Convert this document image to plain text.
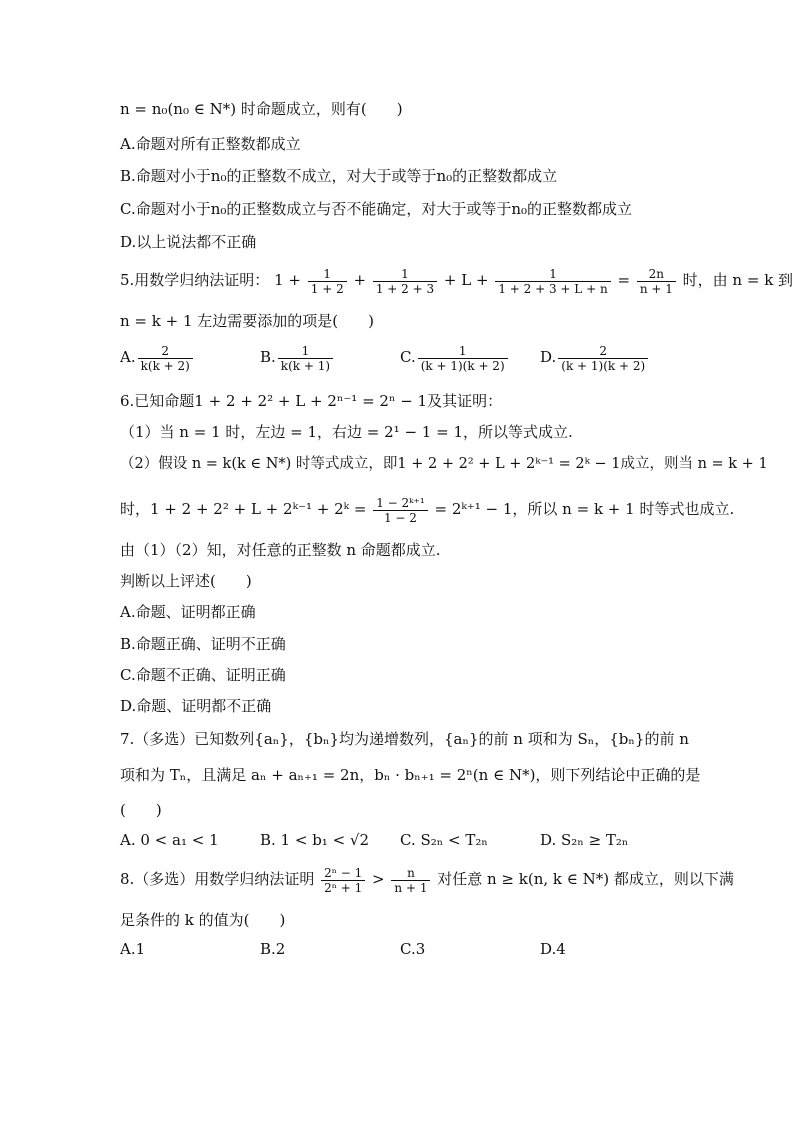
n = n₀(n₀ ∈ N*) 时命题成立，则有(　　)
A.命题对所有正整数都成立
B.命题对小于n₀的正整数不成立，对大于或等于n₀的正整数都成立
C.命题对小于n₀的正整数成立与否不能确定，对大于或等于n₀的正整数都成立
D.以上说法都不正确
5.用数学归纳法证明： $1 + \frac{1}{1 + 2} + \frac{1}{1 + 2 + 3} + L + \frac{1}{1 + 2 + 3 + L + n} = \frac{2n}{n + 1}$ 时，由 n = k 到
n = k + 1 左边需要添加的项是(　　)
A. $\frac{2}{k(k + 2)}$	B. $\frac{1}{k(k + 1)}$	C. $\frac{1}{(k + 1)(k + 2)} D$. $\frac{2}{(k + 1)(k + 2)}$
6.已知命题1 + 2 + 2² + L + 2ⁿ⁻¹ = 2ⁿ − 1及其证明：
（1）当 n = 1 时，左边 = 1，右边 = 2¹ − 1 = 1，所以等式成立.
（2）假设 n = k(k ∈ N*) 时等式成立，即1 + 2 + 2² + L + 2ᵏ⁻¹ = 2ᵏ − 1成立，则当 n = k + 1
时，1 + 2 + 2² + L + 2ᵏ⁻¹ + 2ᵏ = $\frac{\text{1 − 2ᵏ⁺¹}}{1 - 2}$ = 2ᵏ⁺¹ − 1，所以 n = k + 1 时等式也成立.
由（1）（2）知，对任意的正整数 n 命题都成立.
判断以上评述(　　)
A.命题、证明都正确
B.命题正确、证明不正确
C.命题不正确、证明正确
D.命题、证明都不正确
7.（多选）已知数列{aₙ}，{bₙ}均为递增数列，{aₙ}的前 n 项和为 Sₙ，{bₙ}的前 n
项和为 Tₙ，且满足 aₙ + aₙ₊₁ = 2n，bₙ · bₙ₊₁ = 2ⁿ(n ∈ N*)，则下列结论中正确的是
(　　)
A. 0 < a₁ < 1	B. 1 < b₁ < √2	C. S₂ₙ < T₂ₙ	D. S₂ₙ ≥ T₂ₙ
8.（多选）用数学归纳法证明 $\frac{\text{2ⁿ − 1}}{\text{2ⁿ + 1}} > \frac{n}{n + 1}$ 对任意 n ≥ k(n, k ∈ N*) 都成立，则以下满
足条件的 k 的值为(　　)
A.1	B.2	C.3	D.4
